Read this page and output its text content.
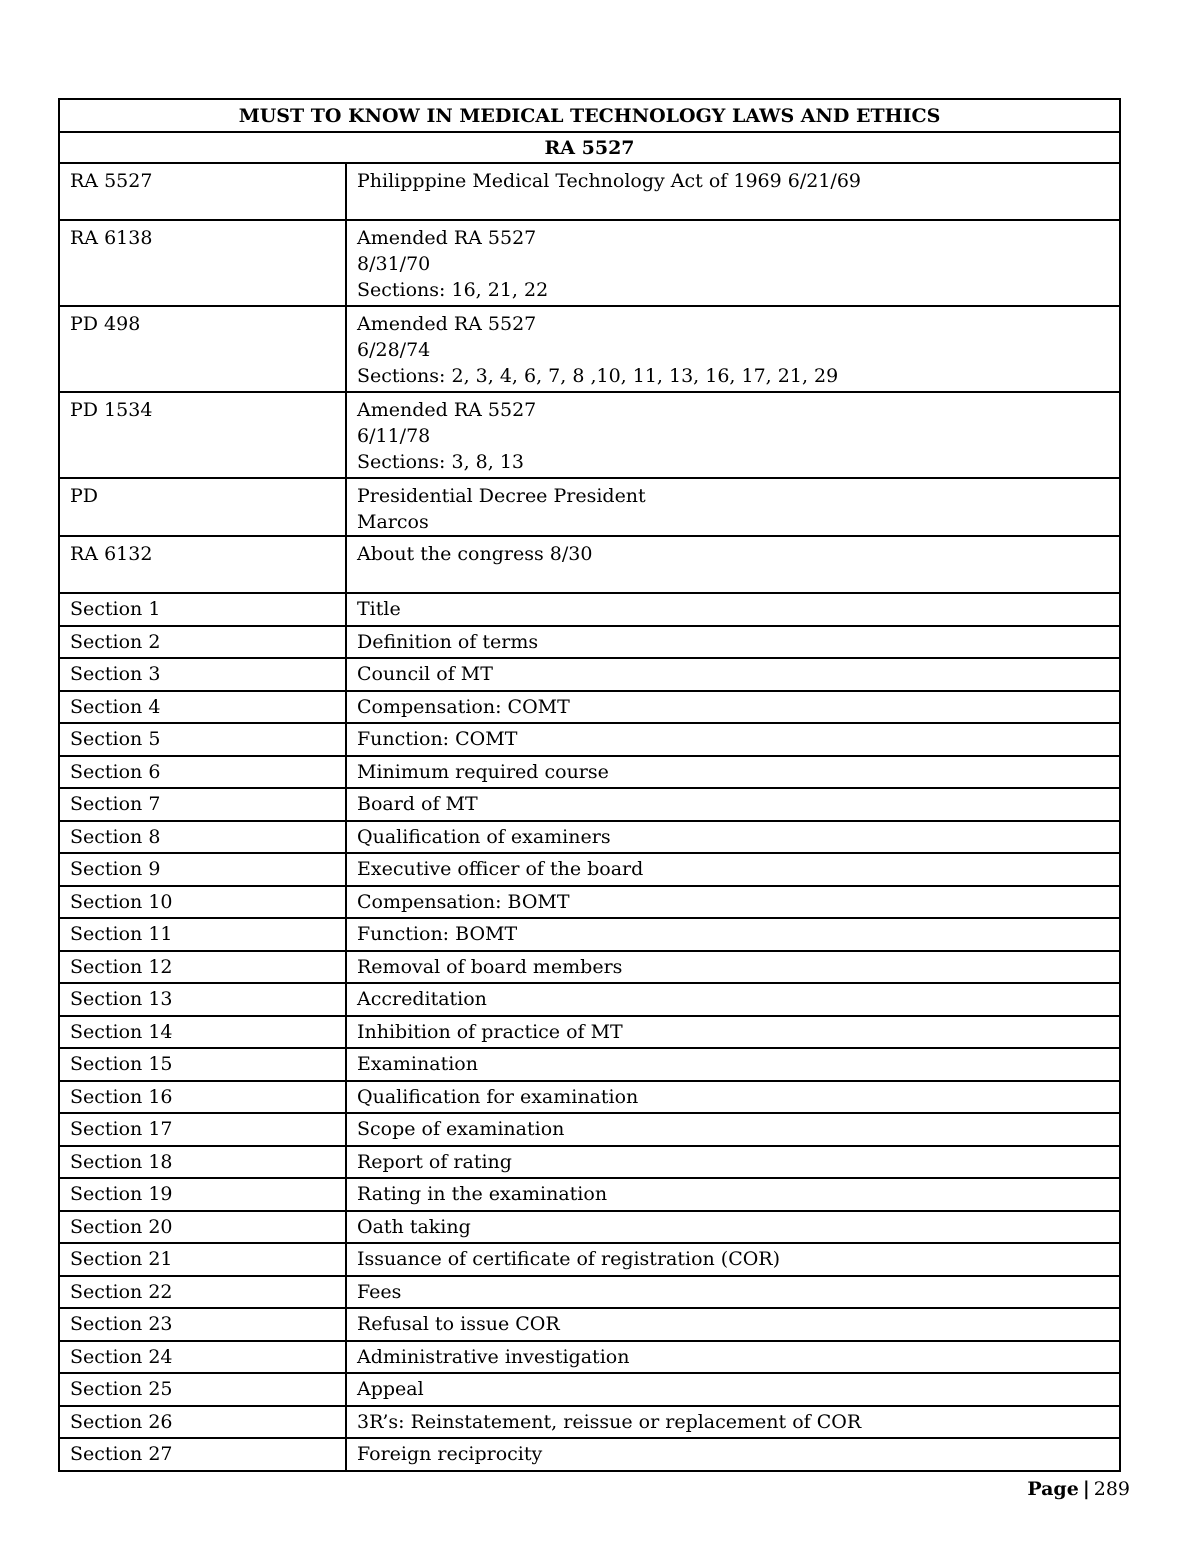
MUST TO KNOW IN MEDICAL TECHNOLOGY LAWS AND ETHICS	
RA 5527	
RA 5527	Philipppine Medical Technology Act of 1969 6/21/69

RA 6138	Amended RA 5527
8/31/70
Sections: 16, 21, 22

PD 498	Amended RA 5527
6/28/74
Sections: 2, 3, 4, 6, 7, 8 ,10, 11, 13, 16, 17, 21, 29

PD 1534	Amended RA 5527
6/11/78
Sections: 3, 8, 13

PD	Presidential Decree President
Marcos

RA 6132	About the congress 8/30

Section 1	Title
Section 2	Definition of terms
Section 3	Council of MT
Section 4	Compensation: COMT
Section 5	Function: COMT
Section 6	Minimum required course
Section 7	Board of MT
Section 8	Qualification of examiners
Section 9	Executive officer of the board
Section 10	Compensation: BOMT
Section 11	Function: BOMT
Section 12	Removal of board members
Section 13	Accreditation
Section 14	Inhibition of practice of MT
Section 15	Examination
Section 16	Qualification for examination
Section 17	Scope of examination
Section 18	Report of rating
Section 19	Rating in the examination
Section 20	Oath taking
Section 21	Issuance of certificate of registration (COR)
Section 22	Fees
Section 23	Refusal to issue COR
Section 24	Administrative investigation
Section 25	Appeal
Section 26	3R’s: Reinstatement, reissue or replacement of COR
Section 27	Foreign reciprocity
Page | 289
